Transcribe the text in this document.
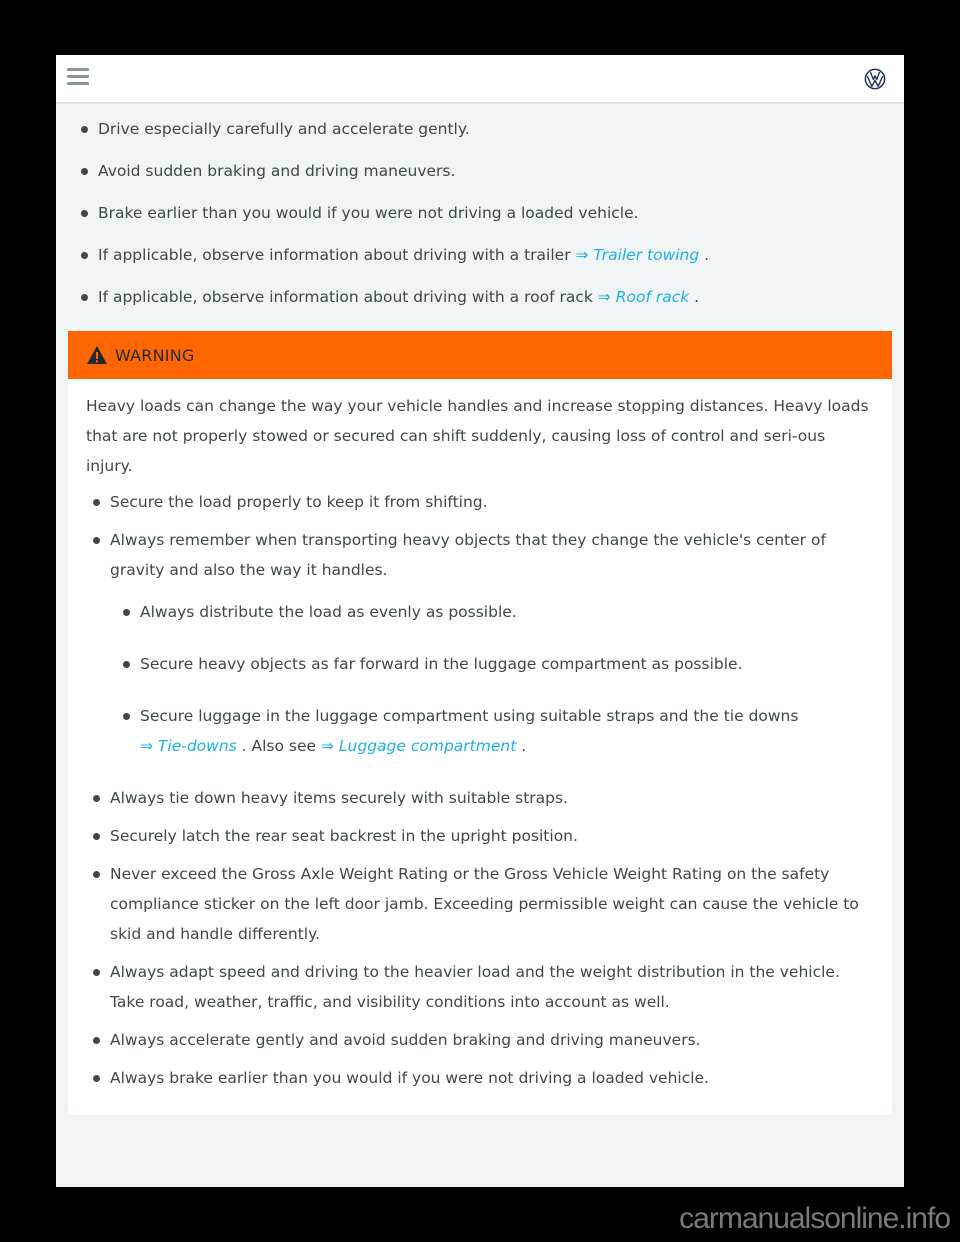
Drive especially carefully and accelerate gently.
Avoid sudden braking and driving maneuvers.
Brake earlier than you would if you were not driving a loaded vehicle.
If applicable, observe information about driving with a trailer ⇒ Trailer towing .
If applicable, observe information about driving with a roof rack ⇒ Roof rack .
WARNING

Heavy loads can change the way your vehicle handles and increase stopping distances. Heavy loads that are not properly stowed or secured can shift suddenly, causing loss of control and seri-ous injury.

Secure the load properly to keep it from shifting.
Always remember when transporting heavy objects that they change the vehicle's center of gravity and also the way it handles.
Always distribute the load as evenly as possible.
Secure heavy objects as far forward in the luggage compartment as possible.
Secure luggage in the luggage compartment using suitable straps and the tie downs
⇒ Tie-downs . Also see ⇒ Luggage compartment .
Always tie down heavy items securely with suitable straps.
Securely latch the rear seat backrest in the upright position.
Never exceed the Gross Axle Weight Rating or the Gross Vehicle Weight Rating on the safety compliance sticker on the left door jamb. Exceeding permissible weight can cause the vehicle to skid and handle differently.
Always adapt speed and driving to the heavier load and the weight distribution in the vehicle. Take road, weather, traffic, and visibility conditions into account as well.
Always accelerate gently and avoid sudden braking and driving maneuvers.
Always brake earlier than you would if you were not driving a loaded vehicle.
carmanualsonline.info
